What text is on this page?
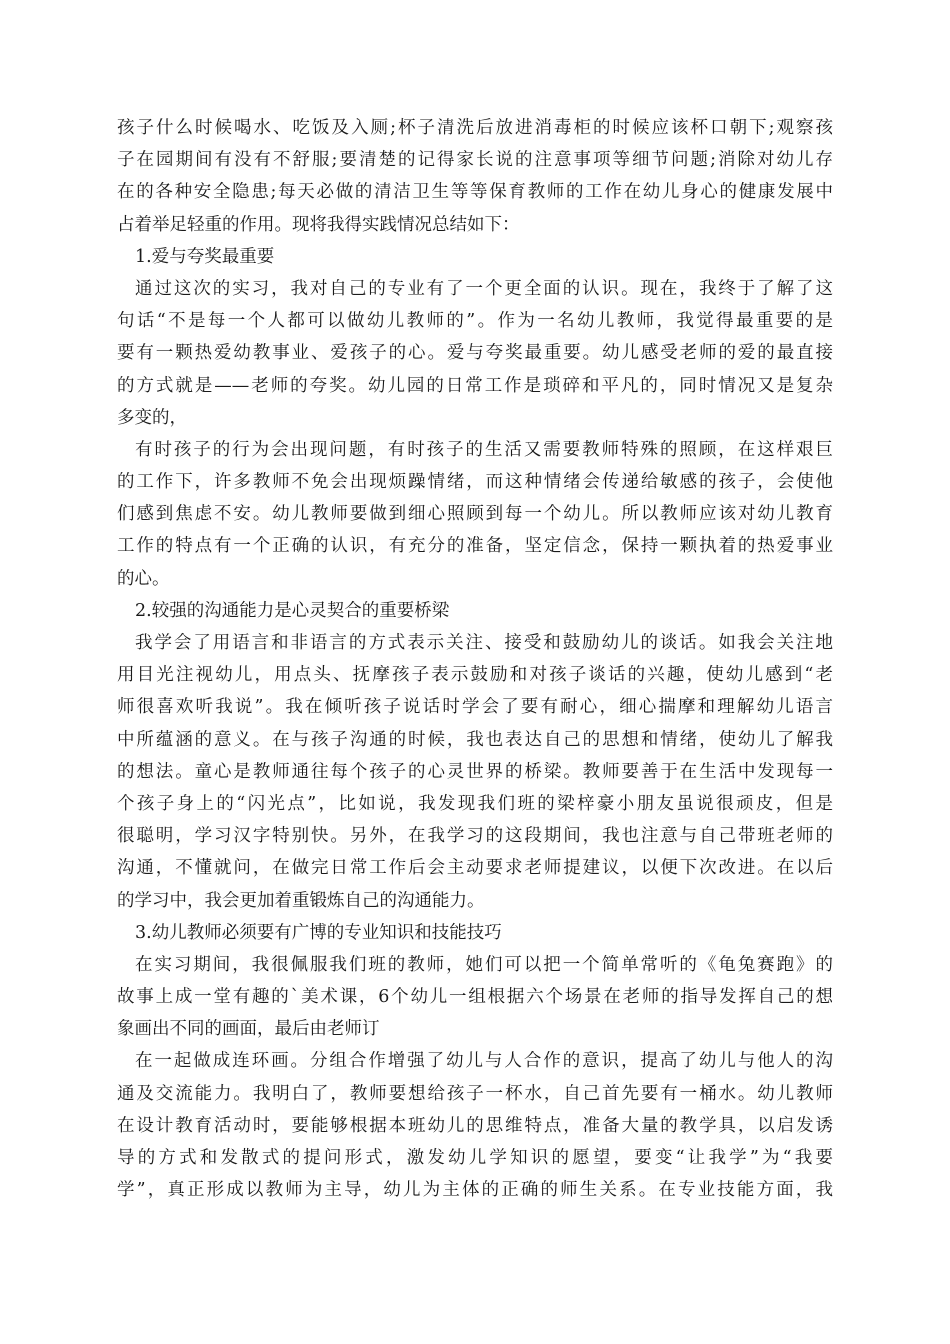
孩子什么时候喝水、吃饭及入厕;杯子清洗后放进消毒柜的时候应该杯口朝下;观察孩
子在园期间有没有不舒服;要清楚的记得家长说的注意事项等细节问题;消除对幼儿存
在的各种安全隐患;每天必做的清洁卫生等等保育教师的工作在幼儿身心的健康发展中
占着举足轻重的作用。现将我得实践情况总结如下：
1.爱与夸奖最重要
通过这次的实习，我对自己的专业有了一个更全面的认识。现在，我终于了解了这
句话“不是每一个人都可以做幼儿教师的”。作为一名幼儿教师，我觉得最重要的是
要有一颗热爱幼教事业、爱孩子的心。爱与夸奖最重要。幼儿感受老师的爱的最直接
的方式就是——老师的夸奖。幼儿园的日常工作是琐碎和平凡的，同时情况又是复杂
多变的，
有时孩子的行为会出现问题，有时孩子的生活又需要教师特殊的照顾，在这样艰巨
的工作下，许多教师不免会出现烦躁情绪，而这种情绪会传递给敏感的孩子，会使他
们感到焦虑不安。幼儿教师要做到细心照顾到每一个幼儿。所以教师应该对幼儿教育
工作的特点有一个正确的认识，有充分的准备，坚定信念，保持一颗执着的热爱事业
的心。
2.较强的沟通能力是心灵契合的重要桥梁
我学会了用语言和非语言的方式表示关注、接受和鼓励幼儿的谈话。如我会关注地
用目光注视幼儿，用点头、抚摩孩子表示鼓励和对孩子谈话的兴趣，使幼儿感到“老
师很喜欢听我说”。我在倾听孩子说话时学会了要有耐心，细心揣摩和理解幼儿语言
中所蕴涵的意义。在与孩子沟通的时候，我也表达自己的思想和情绪，使幼儿了解我
的想法。童心是教师通往每个孩子的心灵世界的桥梁。教师要善于在生活中发现每一
个孩子身上的“闪光点”，比如说，我发现我们班的梁梓豪小朋友虽说很顽皮，但是
很聪明，学习汉字特别快。另外，在我学习的这段期间，我也注意与自己带班老师的
沟通，不懂就问，在做完日常工作后会主动要求老师提建议，以便下次改进。在以后
的学习中，我会更加着重锻炼自己的沟通能力。
3.幼儿教师必须要有广博的专业知识和技能技巧
在实习期间，我很佩服我们班的教师，她们可以把一个简单常听的《龟兔赛跑》的
故事上成一堂有趣的`美术课，6个幼儿一组根据六个场景在老师的指导发挥自己的想
象画出不同的画面，最后由老师订
在一起做成连环画。分组合作增强了幼儿与人合作的意识，提高了幼儿与他人的沟
通及交流能力。我明白了，教师要想给孩子一杯水，自己首先要有一桶水。幼儿教师
在设计教育活动时，要能够根据本班幼儿的思维特点，准备大量的教学具，以启发诱
导的方式和发散式的提问形式，激发幼儿学知识的愿望，要变“让我学”为“我要
学”，真正形成以教师为主导，幼儿为主体的正确的师生关系。在专业技能方面，我
